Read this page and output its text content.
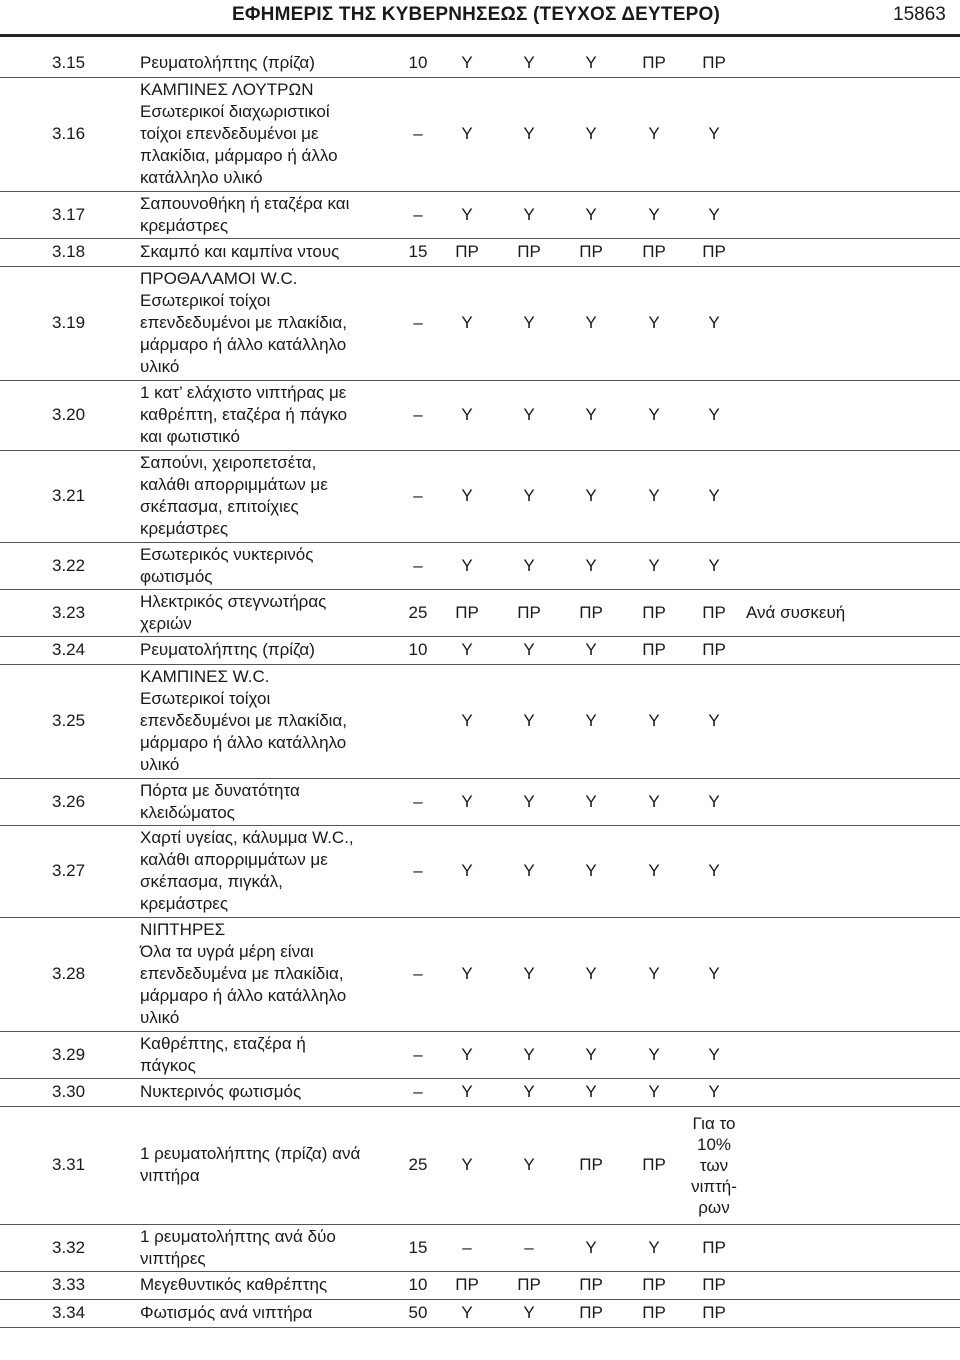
ΕΦΗΜΕΡΙΣ ΤΗΣ ΚΥΒΕΡΝΗΣΕΩΣ (ΤΕΥΧΟΣ ΔΕΥΤΕΡΟ)	15863
3.15	Ρευματολήπτης (πρίζα)	10	Υ	Υ	Υ	ΠΡ	ΠΡ	
3.16	ΚΑΜΠΙΝΕΣ ΛΟΥΤΡΩΝ
Εσωτερικοί διαχωριστικοί
τοίχοι επενδεδυμένοι με
πλακίδια, μάρμαρο ή άλλο
κατάλληλο υλικό	–	Υ	Υ	Υ	Υ	Υ	
3.17	Σαπουνοθήκη ή εταζέρα και
κρεμάστρες	–	Υ	Υ	Υ	Υ	Υ	
3.18	Σκαμπό και καμπίνα ντους	15	ΠΡ	ΠΡ	ΠΡ	ΠΡ	ΠΡ	
3.19	ΠΡΟΘΑΛΑΜΟΙ W.C.
Εσωτερικοί τοίχοι
επενδεδυμένοι με πλακίδια,
μάρμαρο ή άλλο κατάλληλο
υλικό	–	Υ	Υ	Υ	Υ	Υ	
3.20	1 κατ’ ελάχιστο νιπτήρας με
καθρέπτη, εταζέρα ή πάγκο
και φωτιστικό	–	Υ	Υ	Υ	Υ	Υ	
3.21	Σαπούνι, χειροπετσέτα,
καλάθι απορριμμάτων με
σκέπασμα, επιτοίχιες
κρεμάστρες	–	Υ	Υ	Υ	Υ	Υ	
3.22	Εσωτερικός νυκτερινός
φωτισμός	–	Υ	Υ	Υ	Υ	Υ	
3.23	Ηλεκτρικός στεγνωτήρας
χεριών	25	ΠΡ	ΠΡ	ΠΡ	ΠΡ	ΠΡ	Ανά συσκευή
3.24	Ρευματολήπτης (πρίζα)	10	Υ	Υ	Υ	ΠΡ	ΠΡ	
3.25	ΚΑΜΠΙΝΕΣ W.C.
Εσωτερικοί τοίχοι
επενδεδυμένοι με πλακίδια,
μάρμαρο ή άλλο κατάλληλο
υλικό		Υ	Υ	Υ	Υ	Υ	
3.26	Πόρτα με δυνατότητα
κλειδώματος	–	Υ	Υ	Υ	Υ	Υ	
3.27	Χαρτί υγείας, κάλυμμα W.C.,
καλάθι απορριμμάτων με
σκέπασμα, πιγκάλ,
κρεμάστρες	–	Υ	Υ	Υ	Υ	Υ	
3.28	ΝΙΠΤΗΡΕΣ
Όλα τα υγρά μέρη είναι
επενδεδυμένα με πλακίδια,
μάρμαρο ή άλλο κατάλληλο
υλικό	–	Υ	Υ	Υ	Υ	Υ	
3.29	Καθρέπτης, εταζέρα ή
πάγκος	–	Υ	Υ	Υ	Υ	Υ	
3.30	Νυκτερινός φωτισμός	–	Υ	Υ	Υ	Υ	Υ	
3.31	1 ρευματολήπτης (πρίζα) ανά
νιπτήρα	25	Υ	Υ	ΠΡ	ΠΡ	Για το
10%
των
νιπτή-
ρων	

3.32	1 ρευματολήπτης ανά δύο
νιπτήρες	15	–	–	Υ	Υ	ΠΡ	
3.33	Μεγεθυντικός καθρέπτης	10	ΠΡ	ΠΡ	ΠΡ	ΠΡ	ΠΡ	
3.34	Φωτισμός ανά νιπτήρα	50	Υ	Υ	ΠΡ	ΠΡ	ΠΡ	
